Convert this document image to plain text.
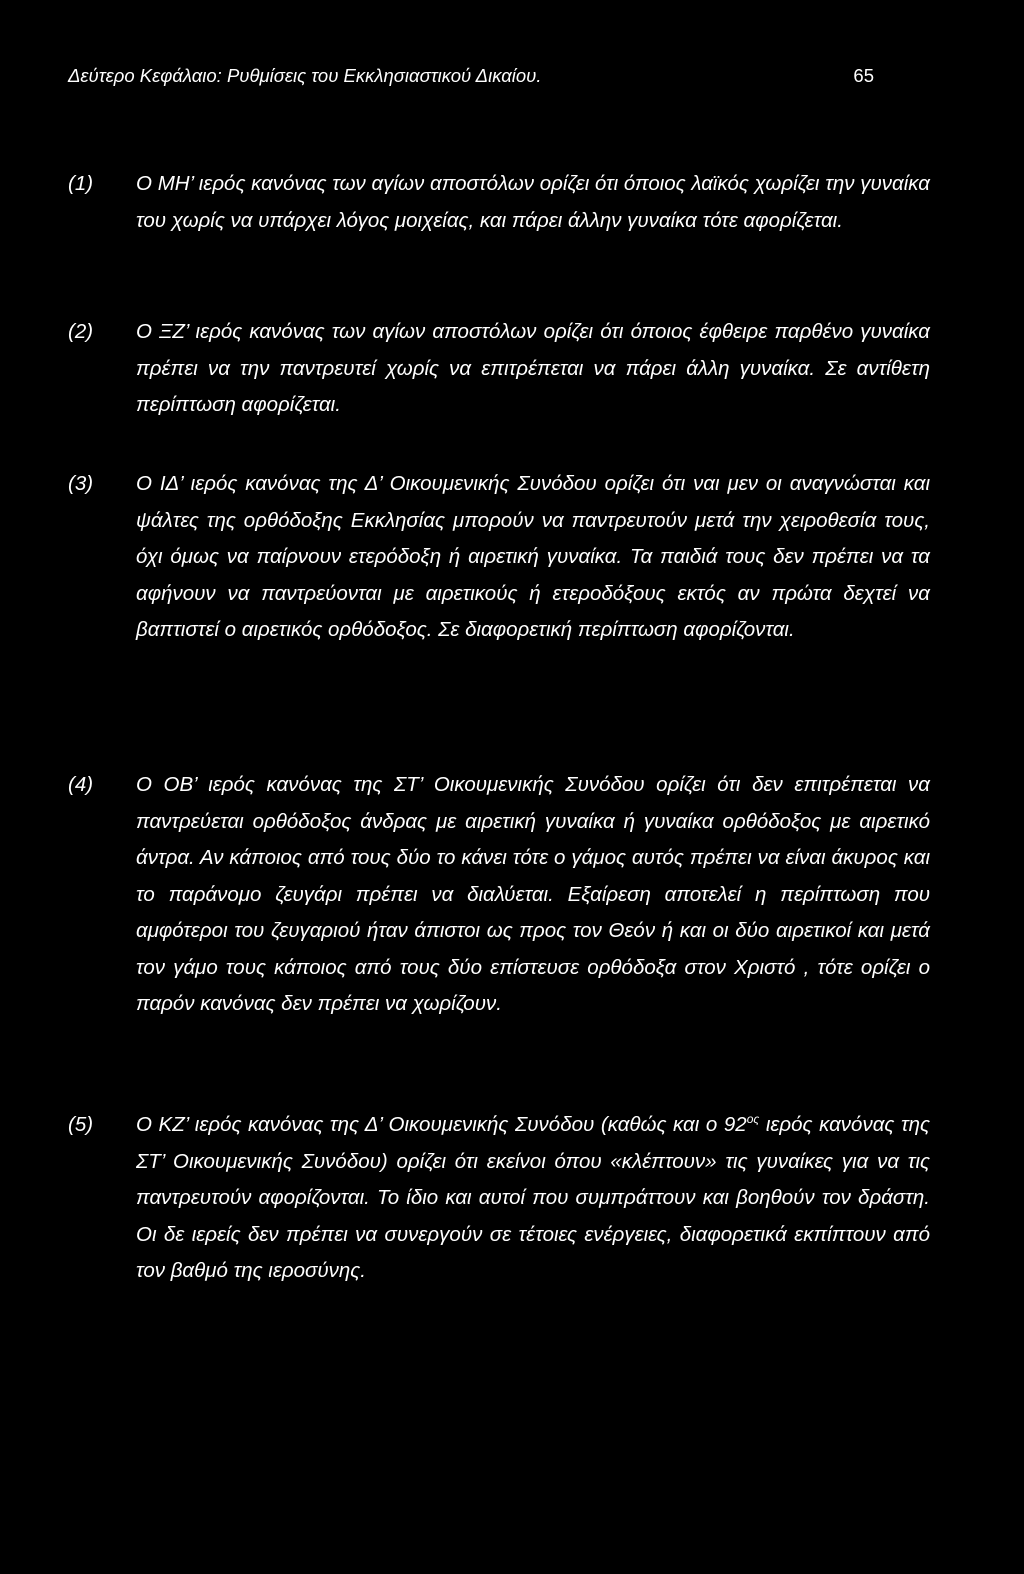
Δεύτερο Κεφάλαιο: Ρυθμίσεις του Εκκλησιαστικού Δικαίου.	65
(1) Ο ΜΗ’ ιερός κανόνας των αγίων αποστόλων ορίζει ότι όποιος λαϊκός χωρίζει την γυναίκα του χωρίς να υπάρχει λόγος μοιχείας, και πάρει άλλην γυναίκα τότε αφορίζεται.

(2) Ο ΞΖ’ ιερός κανόνας των αγίων αποστόλων ορίζει ότι όποιος έφθειρε παρθένο γυναίκα πρέπει να την παντρευτεί χωρίς να επιτρέπεται να πάρει άλλη γυναίκα. Σε αντίθετη περίπτωση αφορίζεται.

(3) Ο ΙΔ’ ιερός κανόνας της Δ’ Οικουμενικής Συνόδου ορίζει ότι ναι μεν οι αναγνώσται και ψάλτες της ορθόδοξης Εκκλησίας μπορούν να παντρευτούν μετά την χειροθεσία τους, όχι όμως να παίρνουν ετερόδοξη ή αιρετική γυναίκα. Τα παιδιά τους δεν πρέπει να τα αφήνουν να παντρεύονται με αιρετικούς ή ετεροδόξους εκτός αν πρώτα δεχτεί να βαπτιστεί ο αιρετικός ορθόδοξος. Σε διαφορετική περίπτωση αφορίζονται.

(4) Ο ΟΒ’ ιερός κανόνας της ΣΤ’ Οικουμενικής Συνόδου ορίζει ότι δεν επιτρέπεται να παντρεύεται ορθόδοξος άνδρας με αιρετική γυναίκα ή γυναίκα ορθόδοξος με αιρετικό άντρα. Αν κάποιος από τους δύο το κάνει τότε ο γάμος αυτός πρέπει να είναι άκυρος και το παράνομο ζευγάρι πρέπει να διαλύεται. Εξαίρεση αποτελεί η περίπτωση που αμφότεροι του ζευγαριού ήταν άπιστοι ως προς τον Θεόν ή και οι δύο αιρετικοί και μετά τον γάμο τους κάποιος από τους δύο επίστευσε ορθόδοξα στον Χριστό , τότε ορίζει ο παρόν κανόνας δεν πρέπει να χωρίζουν.

(5) Ο ΚΖ’ ιερός κανόνας της Δ’ Οικουμενικής Συνόδου (καθώς και ο $92^{o\varsigma}$ ιερός κανόνας της ΣΤ’ Οικουμενικής Συνόδου) ορίζει ότι εκείνοι όπου «κλέπτουν» τις γυναίκες για να τις παντρευτούν αφορίζονται. Το ίδιο και αυτοί που συμπράττουν και βοηθούν τον δράστη. Οι δε ιερείς δεν πρέπει να συνεργούν σε τέτοιες ενέργειες, διαφορετικά εκπίπτουν από τον βαθμό της ιεροσύνης.
